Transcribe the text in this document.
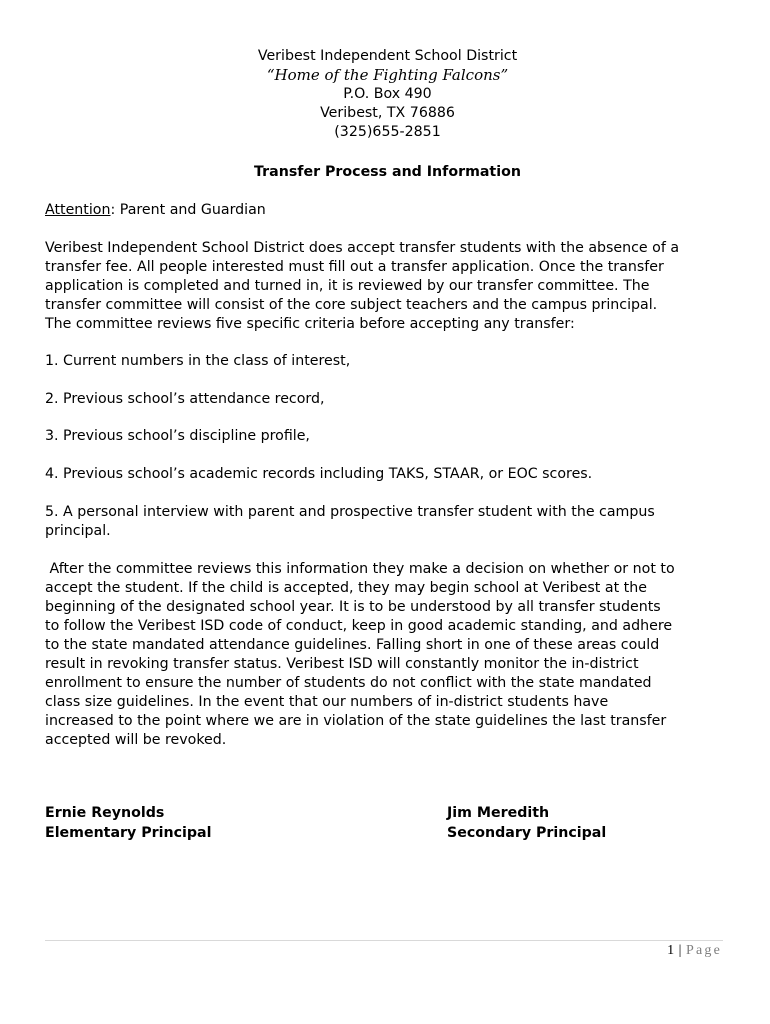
Veribest Independent School District
“Home of the Fighting Falcons”
P.O. Box 490
Veribest, TX 76886
(325)655-2851
Transfer Process and Information
Attention: Parent and Guardian
Veribest Independent School District does accept transfer students with the absence of a
transfer fee. All people interested must fill out a transfer application. Once the transfer
application is completed and turned in, it is reviewed by our transfer committee. The
transfer committee will consist of the core subject teachers and the campus principal.
The committee reviews five specific criteria before accepting any transfer:
1. Current numbers in the class of interest,
2. Previous school’s attendance record,
3. Previous school’s discipline profile,
4. Previous school’s academic records including TAKS, STAAR, or EOC scores.
5. A personal interview with parent and prospective transfer student with the campus
principal.
After the committee reviews this information they make a decision on whether or not to
accept the student. If the child is accepted, they may begin school at Veribest at the
beginning of the designated school year. It is to be understood by all transfer students
to follow the Veribest ISD code of conduct, keep in good academic standing, and adhere
to the state mandated attendance guidelines. Falling short in one of these areas could
result in revoking transfer status. Veribest ISD will constantly monitor the in-district
enrollment to ensure the number of students do not conflict with the state mandated
class size guidelines. In the event that our numbers of in-district students have
increased to the point where we are in violation of the state guidelines the last transfer
accepted will be revoked.
Ernie Reynolds
Elementary Principal
Jim Meredith
Secondary Principal
1 | Page
